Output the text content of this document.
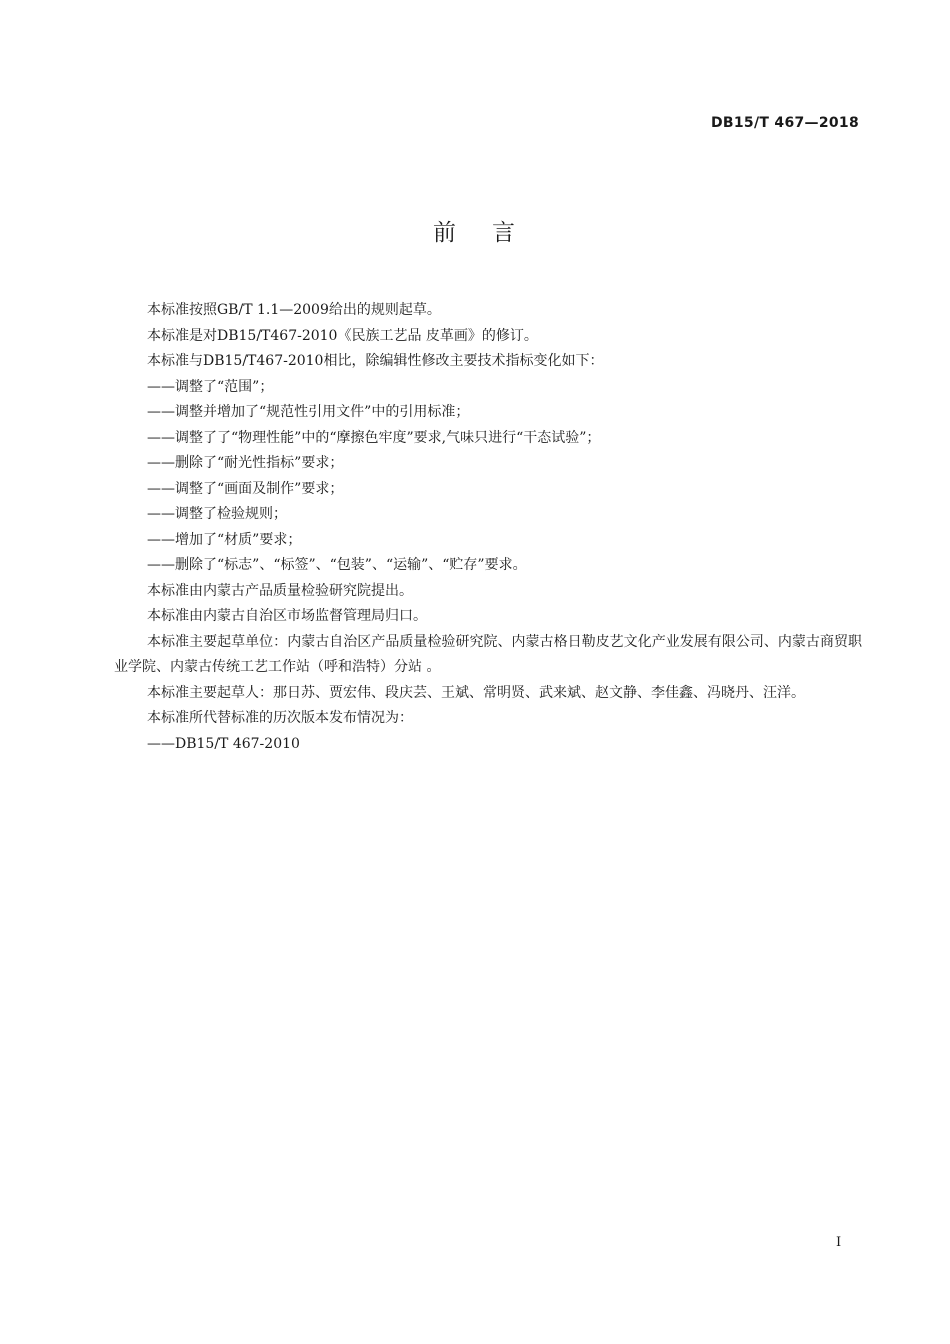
DB15/T 467—2018
前 言

本标准按照GB/T 1.1—2009给出的规则起草。

本标准是对DB15/T467-2010《民族工艺品 皮革画》的修订。

本标准与DB15/T467-2010相比，除编辑性修改主要技术指标变化如下：

——调整了“范围”；

——调整并增加了“规范性引用文件”中的引用标准；

——调整了了“物理性能”中的“摩擦色牢度”要求,气味只进行“干态试验”；

——删除了“耐光性指标”要求；

——调整了“画面及制作”要求；

——调整了检验规则；

——增加了“材质”要求；

——删除了“标志”、“标签”、“包装”、“运输”、“贮存”要求。

本标准由内蒙古产品质量检验研究院提出。

本标准由内蒙古自治区市场监督管理局归口。

本标准主要起草单位：内蒙古自治区产品质量检验研究院、内蒙古格日勒皮艺文化产业发展有限公司、内蒙古商贸职业学院、内蒙古传统工艺工作站（呼和浩特）分站 。

本标准主要起草人：那日苏、贾宏伟、段庆芸、王斌、常明贤、武来斌、赵文静、李佳鑫、冯晓丹、汪洋。

本标准所代替标准的历次版本发布情况为：

——DB15/T 467-2010

I
